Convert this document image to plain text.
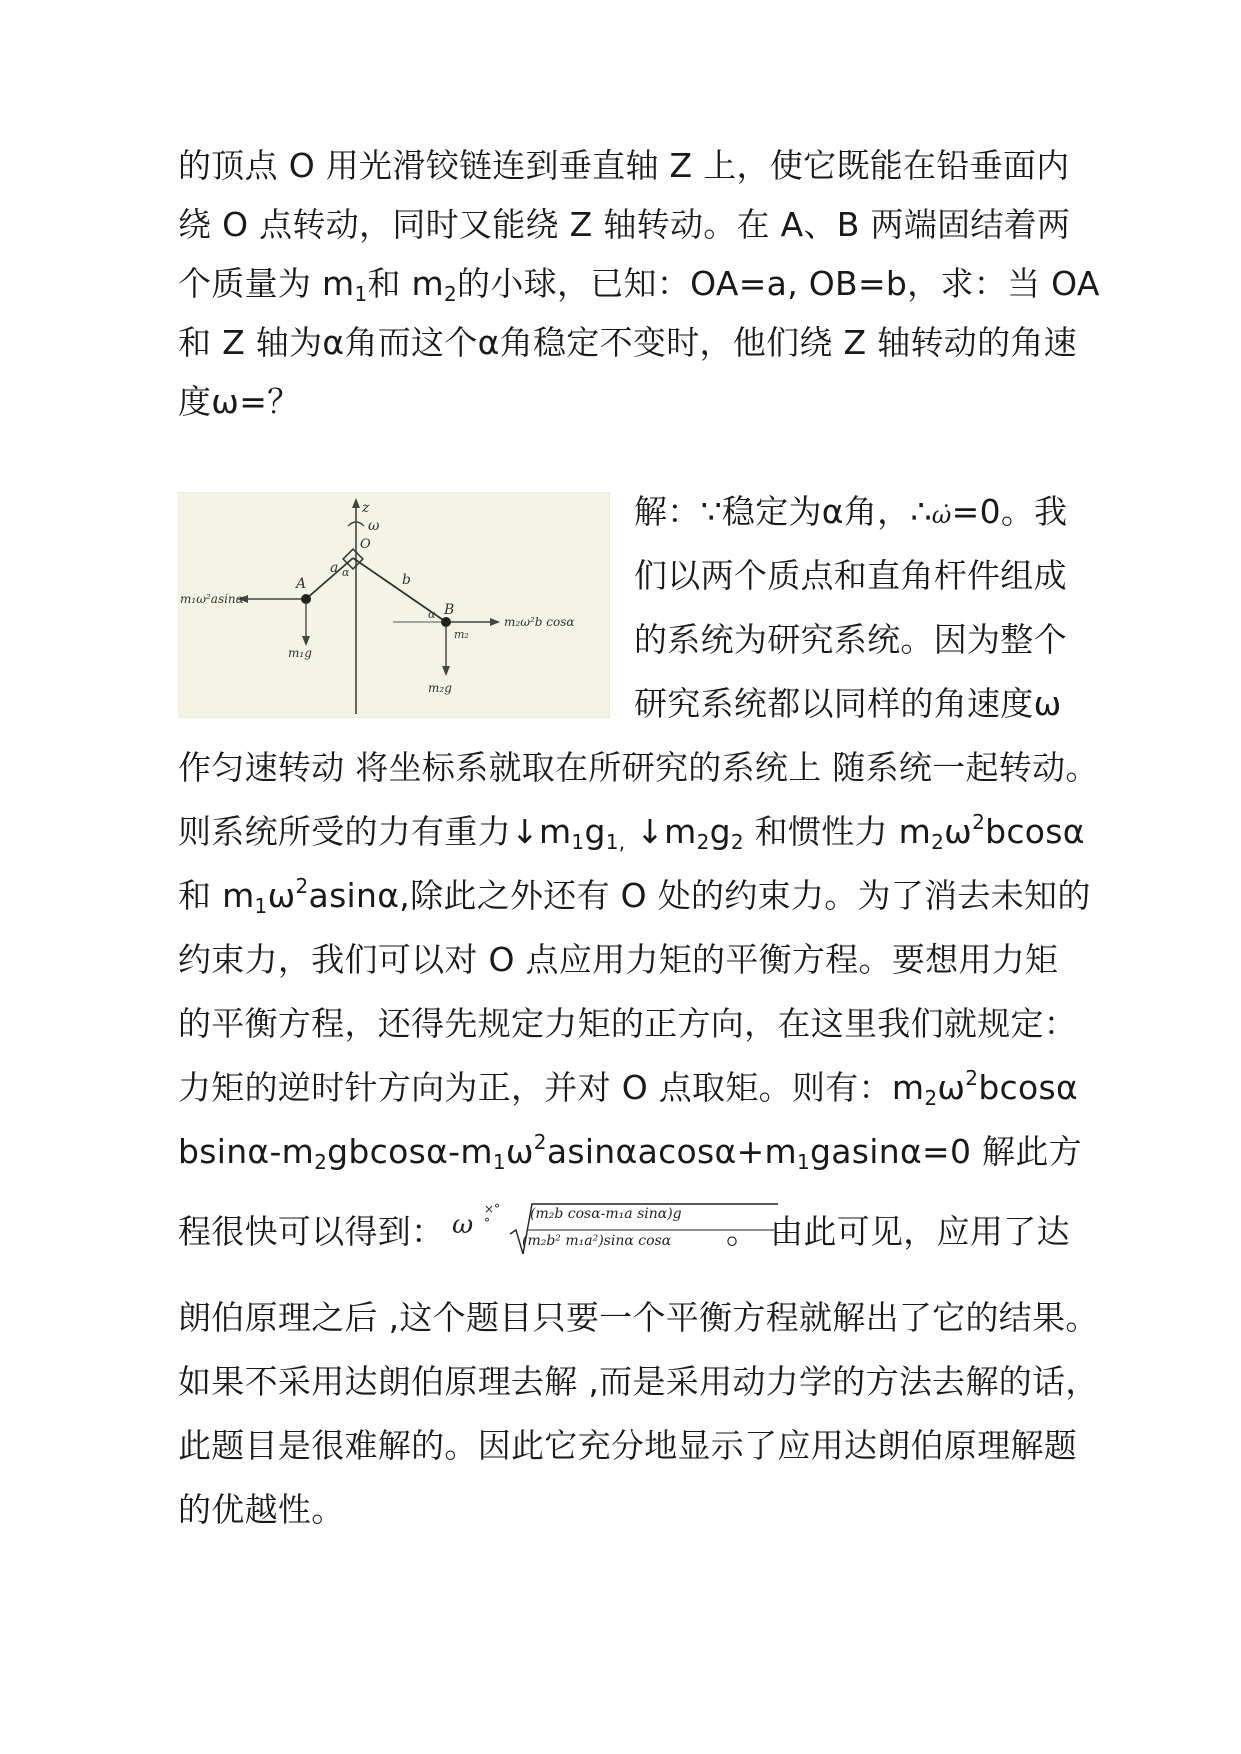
的顶点 O 用光滑铰链连到垂直轴 Z 上，使它既能在铅垂面内
绕 O 点转动，同时又能绕 Z 轴转动。在 A、B 两端固结着两
个质量为 $m_1$和 $m_2$的小球，已知：OA=a, OB=b，求：当 OA
和 Z 轴为α角而这个α角稳定不变时，他们绕 Z 轴转动的角速
度ω=？
z
ω
O
A
B
a
b
α
α
m₁ω²asinα
m₂ω²b cosα
m₂
m₁g
m₂g
解：∵稳定为α角，∴ω̇=0。我
们以两个质点和直角杆件组成
的系统为研究系统。因为整个
研究系统都以同样的角速度ω
作匀速转动 将坐标系就取在所研究的系统上 随系统一起转动。
则系统所受的力有重力$↓m_1g_{1,}$ $↓m_2g_2$ 和惯性力 $m_2\omega^2bcos\alpha$
和 $m_1\omega^2asin\alpha$,除此之外还有 O 处的约束力。为了消去未知的
约束力，我们可以对 O 点应用力矩的平衡方程。要想用力矩
的平衡方程，还得先规定力矩的正方向，在这里我们就规定：
力矩的逆时针方向为正，并对 O 点取矩。则有：$m_2\omega^2bcos\alpha$
bsinα-$m_2gbcos\alpha-m_1\omega^2asin\alpha acos\alpha+m_1gasin\alpha=0$ 解此方
程很快可以得到： ω
×°°
(m₂b cosα-m₁a sinα)g
(m₂b² m₁a²)sinα cosα 。 由此可见，应用了达
朗伯原理之后 ,这个题目只要一个平衡方程就解出了它的结果。
如果不采用达朗伯原理去解 ,而是采用动力学的方法去解的话，
此题目是很难解的。因此它充分地显示了应用达朗伯原理解题
的优越性。
